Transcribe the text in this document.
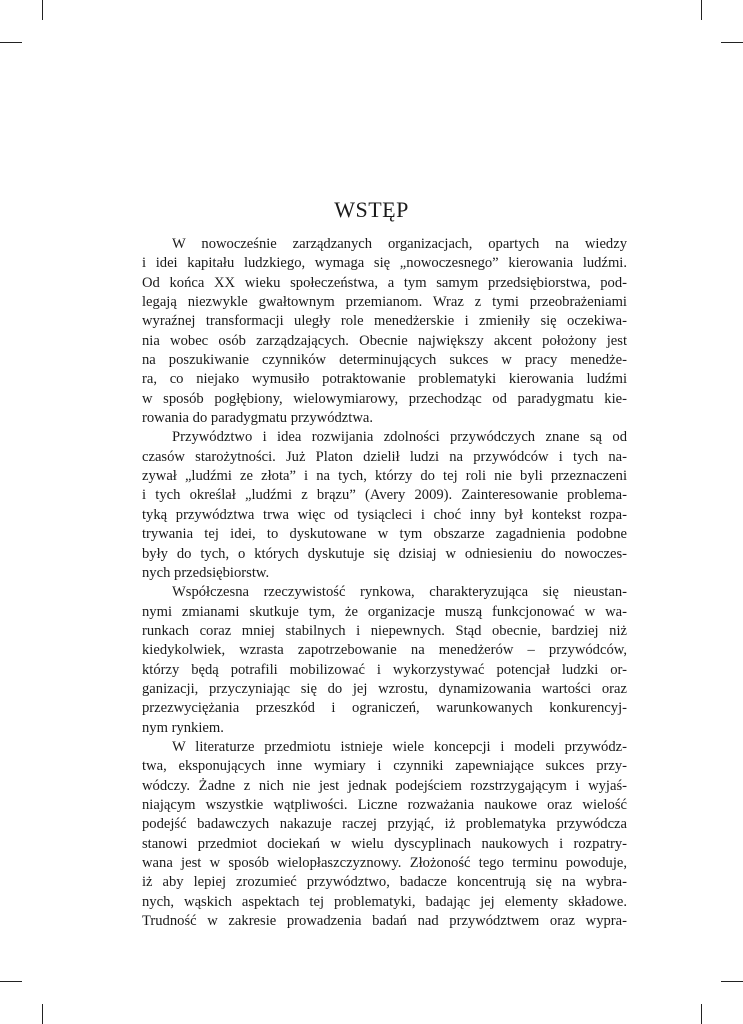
WSTĘP
W nowocześnie zarządzanych organizacjach, opartych na wiedzy
i idei kapitału ludzkiego, wymaga się „nowoczesnego” kierowania ludźmi.
Od końca XX wieku społeczeństwa, a tym samym przedsiębiorstwa, pod-
legają niezwykle gwałtownym przemianom. Wraz z tymi przeobrażeniami
wyraźnej transformacji uległy role menedżerskie i zmieniły się oczekiwa-
nia wobec osób zarządzających. Obecnie największy akcent położony jest
na poszukiwanie czynników determinujących sukces w pracy menedże-
ra, co niejako wymusiło potraktowanie problematyki kierowania ludźmi
w sposób pogłębiony, wielowymiarowy, przechodząc od paradygmatu kie-
rowania do paradygmatu przywództwa.
Przywództwo i idea rozwijania zdolności przywódczych znane są od
czasów starożytności. Już Platon dzielił ludzi na przywódców i tych na-
zywał „ludźmi ze złota” i na tych, którzy do tej roli nie byli przeznaczeni
i tych określał „ludźmi z brązu” (Avery 2009). Zainteresowanie problema-
tyką przywództwa trwa więc od tysiącleci i choć inny był kontekst rozpa-
trywania tej idei, to dyskutowane w tym obszarze zagadnienia podobne
były do tych, o których dyskutuje się dzisiaj w odniesieniu do nowoczes-
nych przedsiębiorstw.
Współczesna rzeczywistość rynkowa, charakteryzująca się nieustan-
nymi zmianami skutkuje tym, że organizacje muszą funkcjonować w wa-
runkach coraz mniej stabilnych i niepewnych. Stąd obecnie, bardziej niż
kiedykolwiek, wzrasta zapotrzebowanie na menedżerów – przywódców,
którzy będą potrafili mobilizować i wykorzystywać potencjał ludzki or-
ganizacji, przyczyniając się do jej wzrostu, dynamizowania wartości oraz
przezwyciężania przeszkód i ograniczeń, warunkowanych konkurencyj-
nym rynkiem.
W literaturze przedmiotu istnieje wiele koncepcji i modeli przywódz-
twa, eksponujących inne wymiary i czynniki zapewniające sukces przy-
wódczy. Żadne z nich nie jest jednak podejściem rozstrzygającym i wyjaś-
niającym wszystkie wątpliwości. Liczne rozważania naukowe oraz wielość
podejść badawczych nakazuje raczej przyjąć, iż problematyka przywódcza
stanowi przedmiot dociekań w wielu dyscyplinach naukowych i rozpatry-
wana jest w sposób wielopłaszczyznowy. Złożoność tego terminu powoduje,
iż aby lepiej zrozumieć przywództwo, badacze koncentrują się na wybra-
nych, wąskich aspektach tej problematyki, badając jej elementy składowe.
Trudność w zakresie prowadzenia badań nad przywództwem oraz wypra-
